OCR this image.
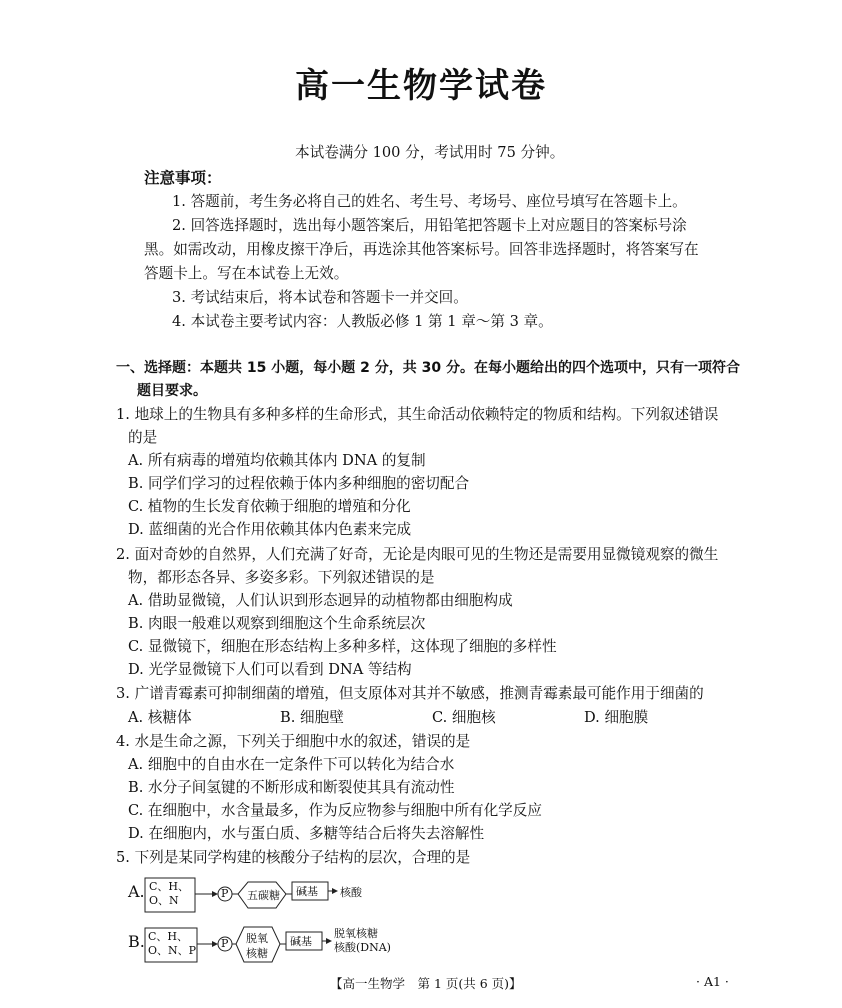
高一生物学试卷
本试卷满分 100 分，考试用时 75 分钟。
注意事项：
1. 答题前，考生务必将自己的姓名、考生号、考场号、座位号填写在答题卡上。
2. 回答选择题时，选出每小题答案后，用铅笔把答题卡上对应题目的答案标号涂
黑。如需改动，用橡皮擦干净后，再选涂其他答案标号。回答非选择题时，将答案写在
答题卡上。写在本试卷上无效。
3. 考试结束后，将本试卷和答题卡一并交回。
4. 本试卷主要考试内容：人教版必修 1 第 1 章～第 3 章。
一、选择题：本题共 15 小题，每小题 2 分，共 30 分。在每小题给出的四个选项中，只有一项符合
题目要求。
1. 地球上的生物具有多种多样的生命形式，其生命活动依赖特定的物质和结构。下列叙述错误
的是
A. 所有病毒的增殖均依赖其体内 DNA 的复制
B. 同学们学习的过程依赖于体内多种细胞的密切配合
C. 植物的生长发育依赖于细胞的增殖和分化
D. 蓝细菌的光合作用依赖其体内色素来完成
2. 面对奇妙的自然界，人们充满了好奇，无论是肉眼可见的生物还是需要用显微镜观察的微生
物，都形态各异、多姿多彩。下列叙述错误的是
A. 借助显微镜，人们认识到形态迥异的动植物都由细胞构成
B. 肉眼一般难以观察到细胞这个生命系统层次
C. 显微镜下，细胞在形态结构上多种多样，这体现了细胞的多样性
D. 光学显微镜下人们可以看到 DNA 等结构
3. 广谱青霉素可抑制细菌的增殖，但支原体对其并不敏感，推测青霉素最可能作用于细菌的
A. 核糖体	B. 细胞壁	C. 细胞核	D. 细胞膜
4. 水是生命之源，下列关于细胞中水的叙述，错误的是
A. 细胞中的自由水在一定条件下可以转化为结合水
B. 水分子间氢键的不断形成和断裂使其具有流动性
C. 在细胞中，水含量最多，作为反应物参与细胞中所有化学反应
D. 在细胞内，水与蛋白质、多糖等结合后将失去溶解性
5. 下列是某同学构建的核酸分子结构的层次，合理的是
A. C、H、O、N
P 五碳糖 碱基 核酸
B. C、H、O、N、P
P 脱氧
核糖
碱基
脱氧核糖
核酸(DNA)
【高一生物学　第 1 页(共 6 页)】	· A1 ·
